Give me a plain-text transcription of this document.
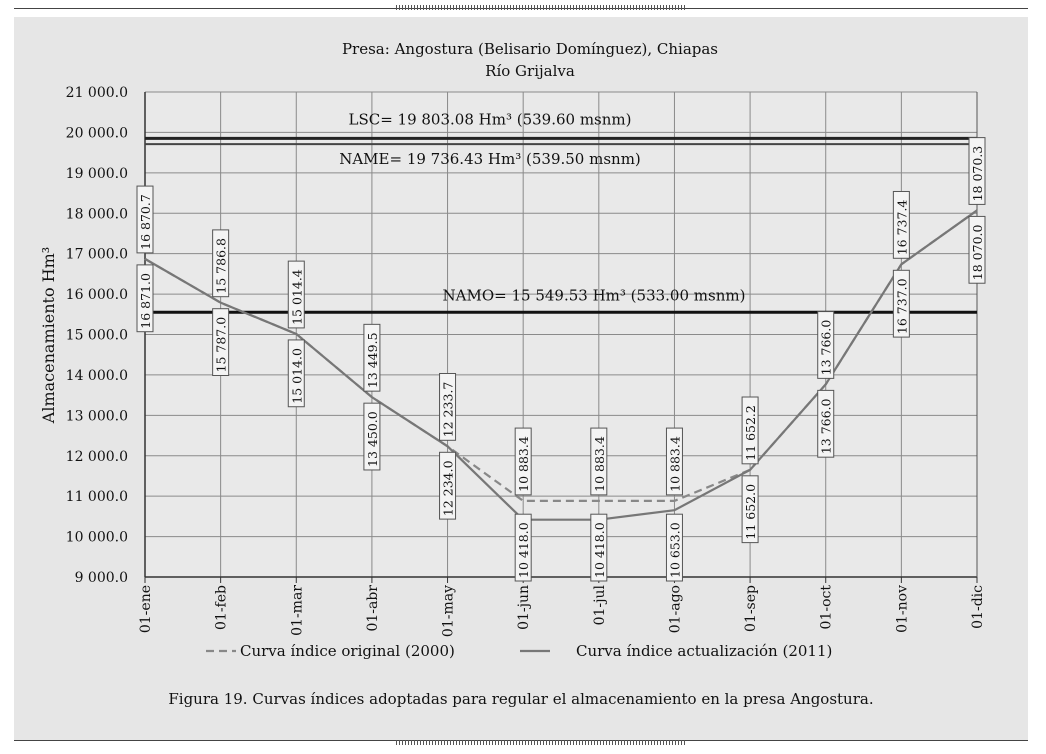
9 000.0
10 000.0
11 000.0
12 000.0
13 000.0
14 000.0
15 000.0
16 000.0
17 000.0
18 000.0
19 000.0
20 000.0
21 000.0
01-ene	01-feb	01-mar	01-abr	01-may	01-jun	01-jul	01-ago	01-sep	01-oct	01-nov	01-dic
Presa: Angostura (Belisario Domínguez), Chiapas
Río Grijalva
Almacenamiento Hm³
LSC= 19 803.08 Hm³ (539.60 msnm)
NAME= 19 736.43 Hm³ (539.50 msnm)
NAMO= 15 549.53 Hm³ (533.00 msnm)
16 870.7
16 871.0
15 786.8
15 787.0
15 014.4
15 014.0	13 449.5
13 450.0
12 233.7
12 234.0	10 883.4
10 418.0
10 883.4
10 418.0
10 883.4
10 653.0
11 652.2
11 652.0
13 766.0
13 766.0
16 737.4
16 737.0
18 070.3
18 070.0
Curva índice original (2000)	Curva índice actualización (2011)
Figura 19. Curvas índices adoptadas para regular el almacenamiento en la presa Angostura.
